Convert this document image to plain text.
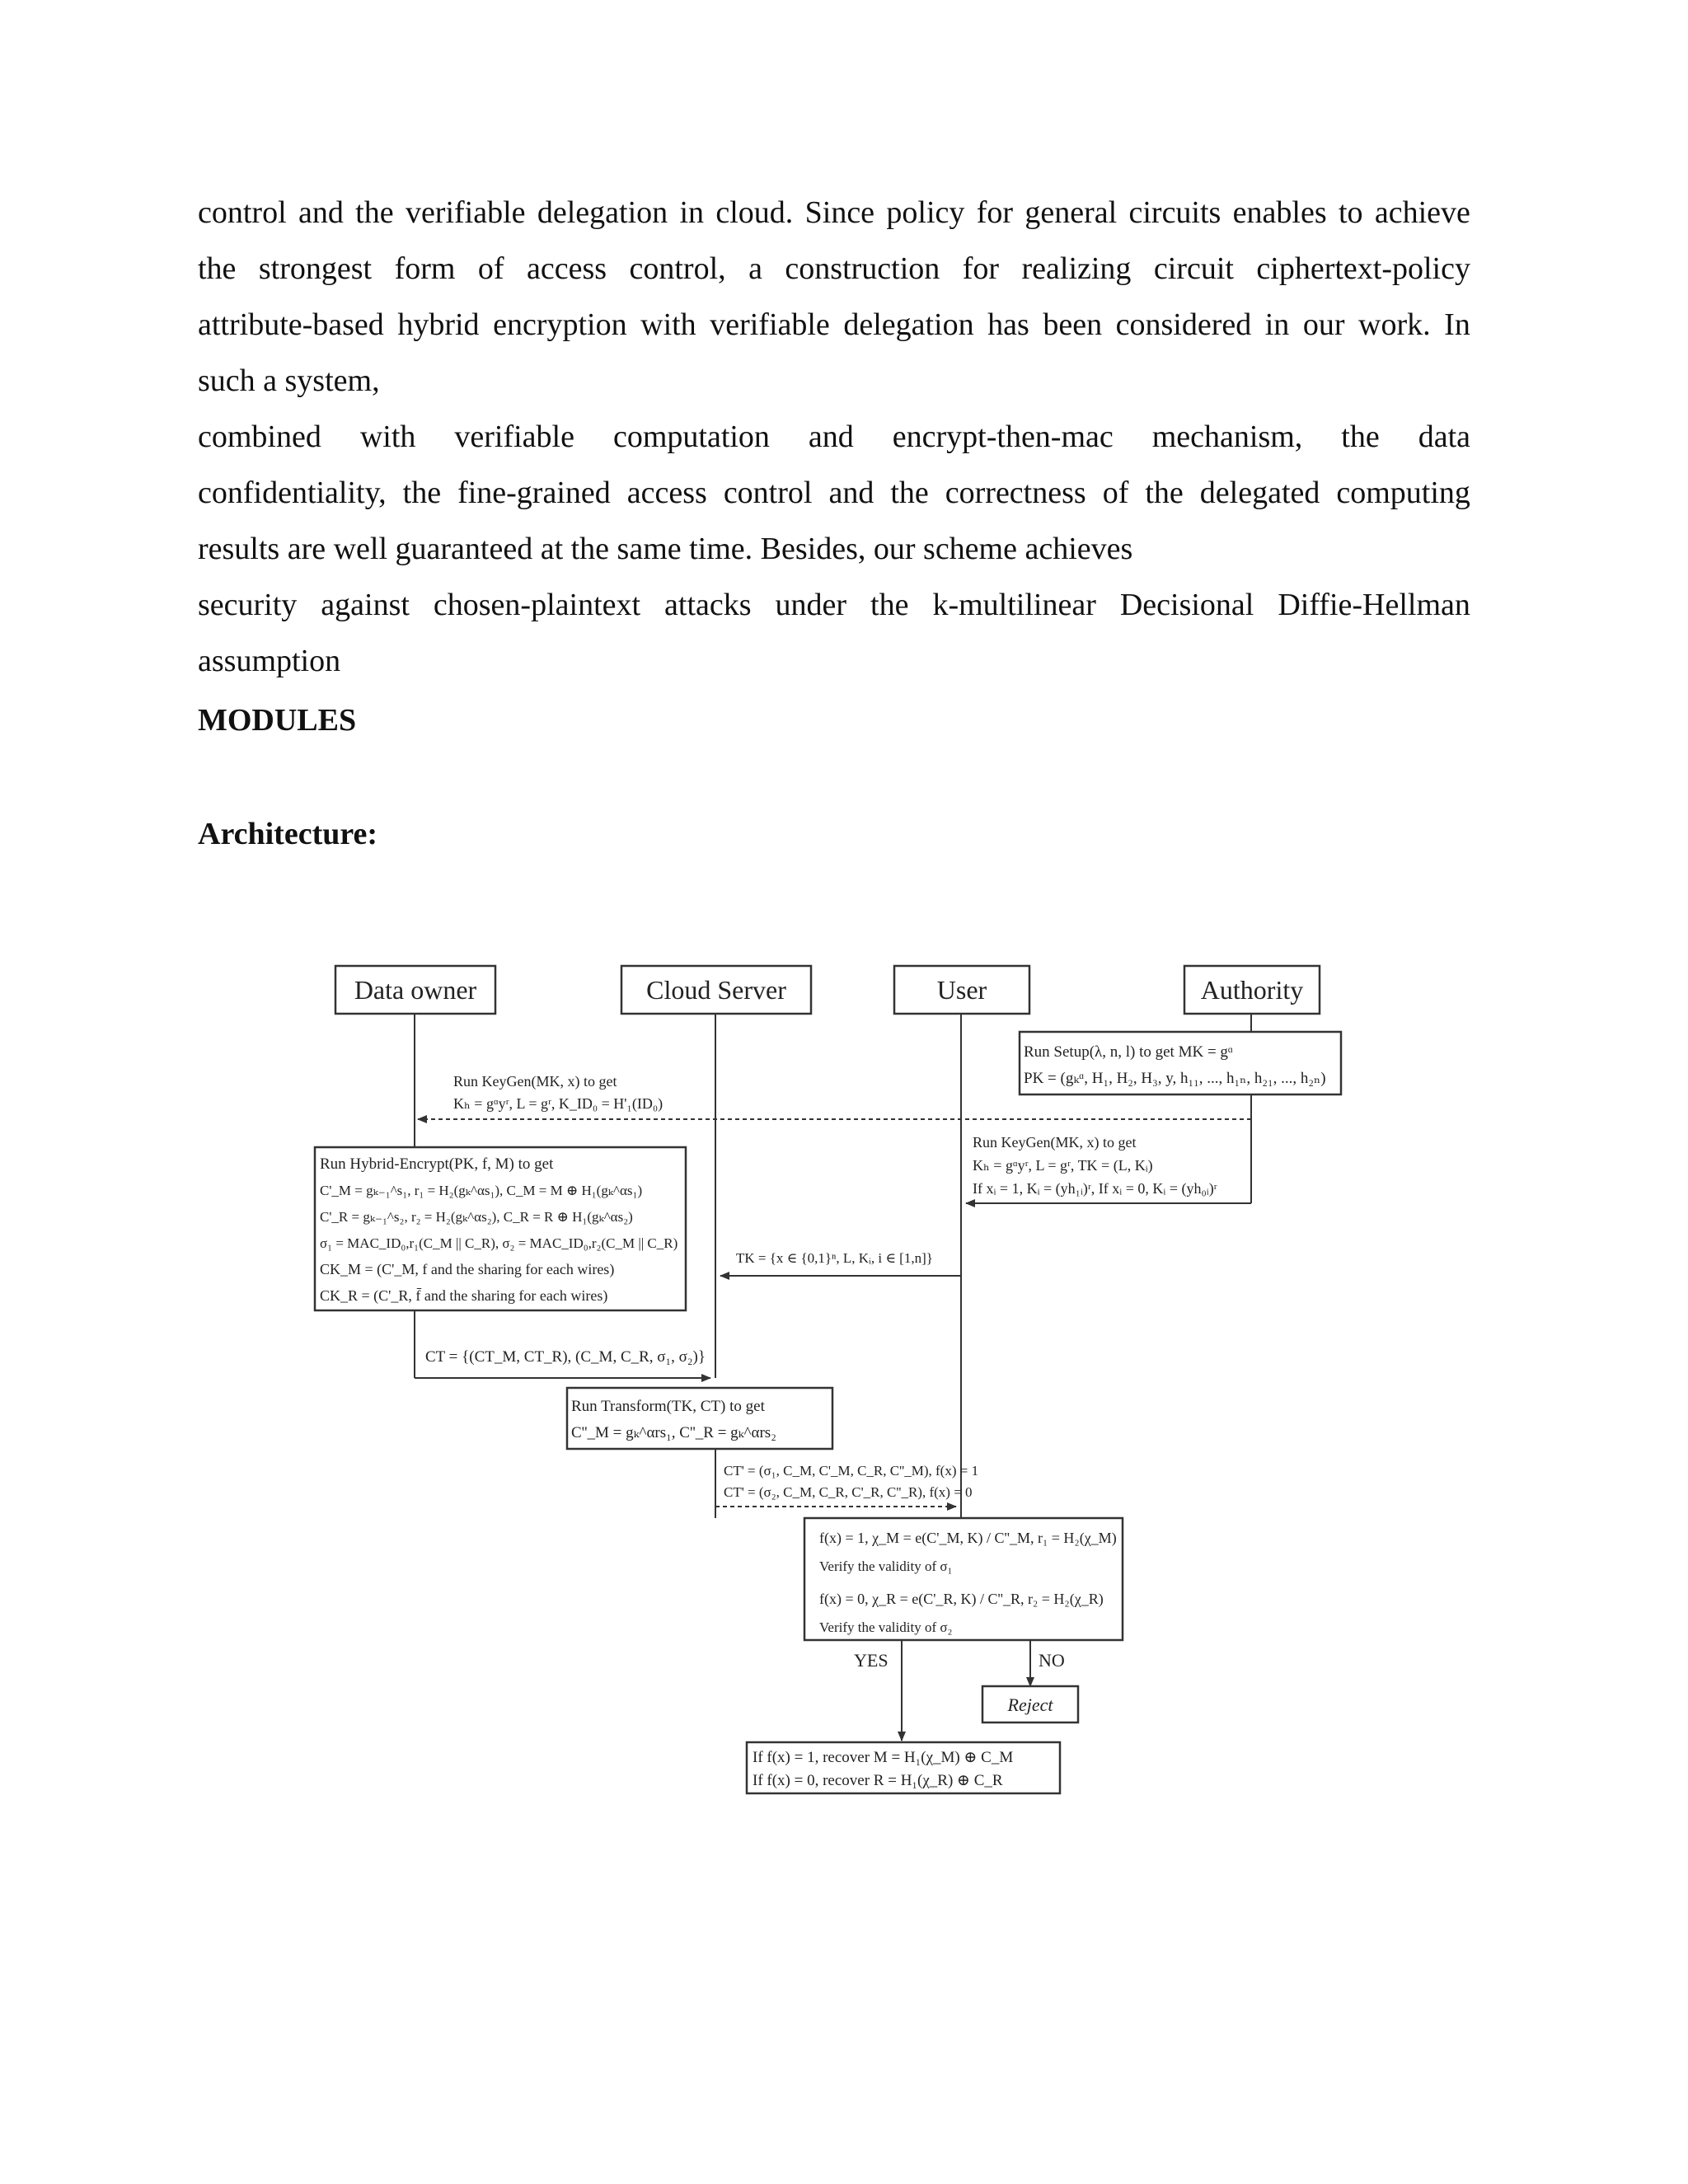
control and the verifiable delegation in cloud. Since policy for general circuits enables to achieve
the strongest form of access control, a construction for realizing circuit ciphertext-policy
attribute-based hybrid encryption with verifiable delegation has been considered in our work. In
such a system,
combined with verifiable computation and encrypt-then-mac mechanism, the data
confidentiality, the fine-grained access control and the correctness of the delegated computing
results are well guaranteed at the same time. Besides, our scheme achieves
security against chosen-plaintext attacks under the k-multilinear Decisional Diffie-Hellman
assumption
MODULES
Architecture:
Data owner	Cloud Server	User	Authority
Run Setup(λ, n, l) to get MK = gᵅ
PK = (gₖᵅ, H₁, H₂, H₃, y, h₁₁, ..., h₁ₙ, h₂₁, ..., h₂ₙ)
Run KeyGen(MK, x) to get
Kₕ = gᵅyʳ, L = gʳ, K_ID₀ = H'₁(ID₀)
Run KeyGen(MK, x) to get
Kₕ = gᵅyʳ, L = gʳ, TK = (L, Kᵢ)
If xᵢ = 1, Kᵢ = (yh₁ᵢ)ʳ, If xᵢ = 0, Kᵢ = (yh₀ᵢ)ʳ
Run Hybrid-Encrypt(PK, f, M) to get
C'_M = gₖ₋₁^s₁, r₁ = H₂(gₖ^αs₁), C_M = M ⊕ H₁(gₖ^αs₁)
C'_R = gₖ₋₁^s₂, r₂ = H₂(gₖ^αs₂), C_R = R ⊕ H₁(gₖ^αs₂)
σ₁ = MAC_ID₀,r₁(C_M || C_R), σ₂ = MAC_ID₀,r₂(C_M || C_R)
CK_M = (C'_M, f and the sharing for each wires)
CK_R = (C'_R, f̄ and the sharing for each wires)
TK = {x ∈ {0,1}ⁿ, L, Kᵢ, i ∈ [1,n]}
CT = {(CT_M, CT_R), (C_M, C_R, σ₁, σ₂)}
Run Transform(TK, CT) to get
C''_M = gₖ^αrs₁, C''_R = gₖ^αrs₂
CT' = (σ₁, C_M, C'_M, C_R, C''_M), f(x) = 1
CT' = (σ₂, C_M, C_R, C'_R, C''_R), f(x) = 0
f(x) = 1, χ_M = e(C'_M, K) / C''_M, r₁ = H₂(χ_M)
Verify the validity of σ₁
f(x) = 0, χ_R = e(C'_R, K) / C''_R, r₂ = H₂(χ_R)
Verify the validity of σ₂
YES	NO
Reject
If f(x) = 1, recover M = H₁(χ_M) ⊕ C_M
If f(x) = 0, recover R = H₁(χ_R) ⊕ C_R
